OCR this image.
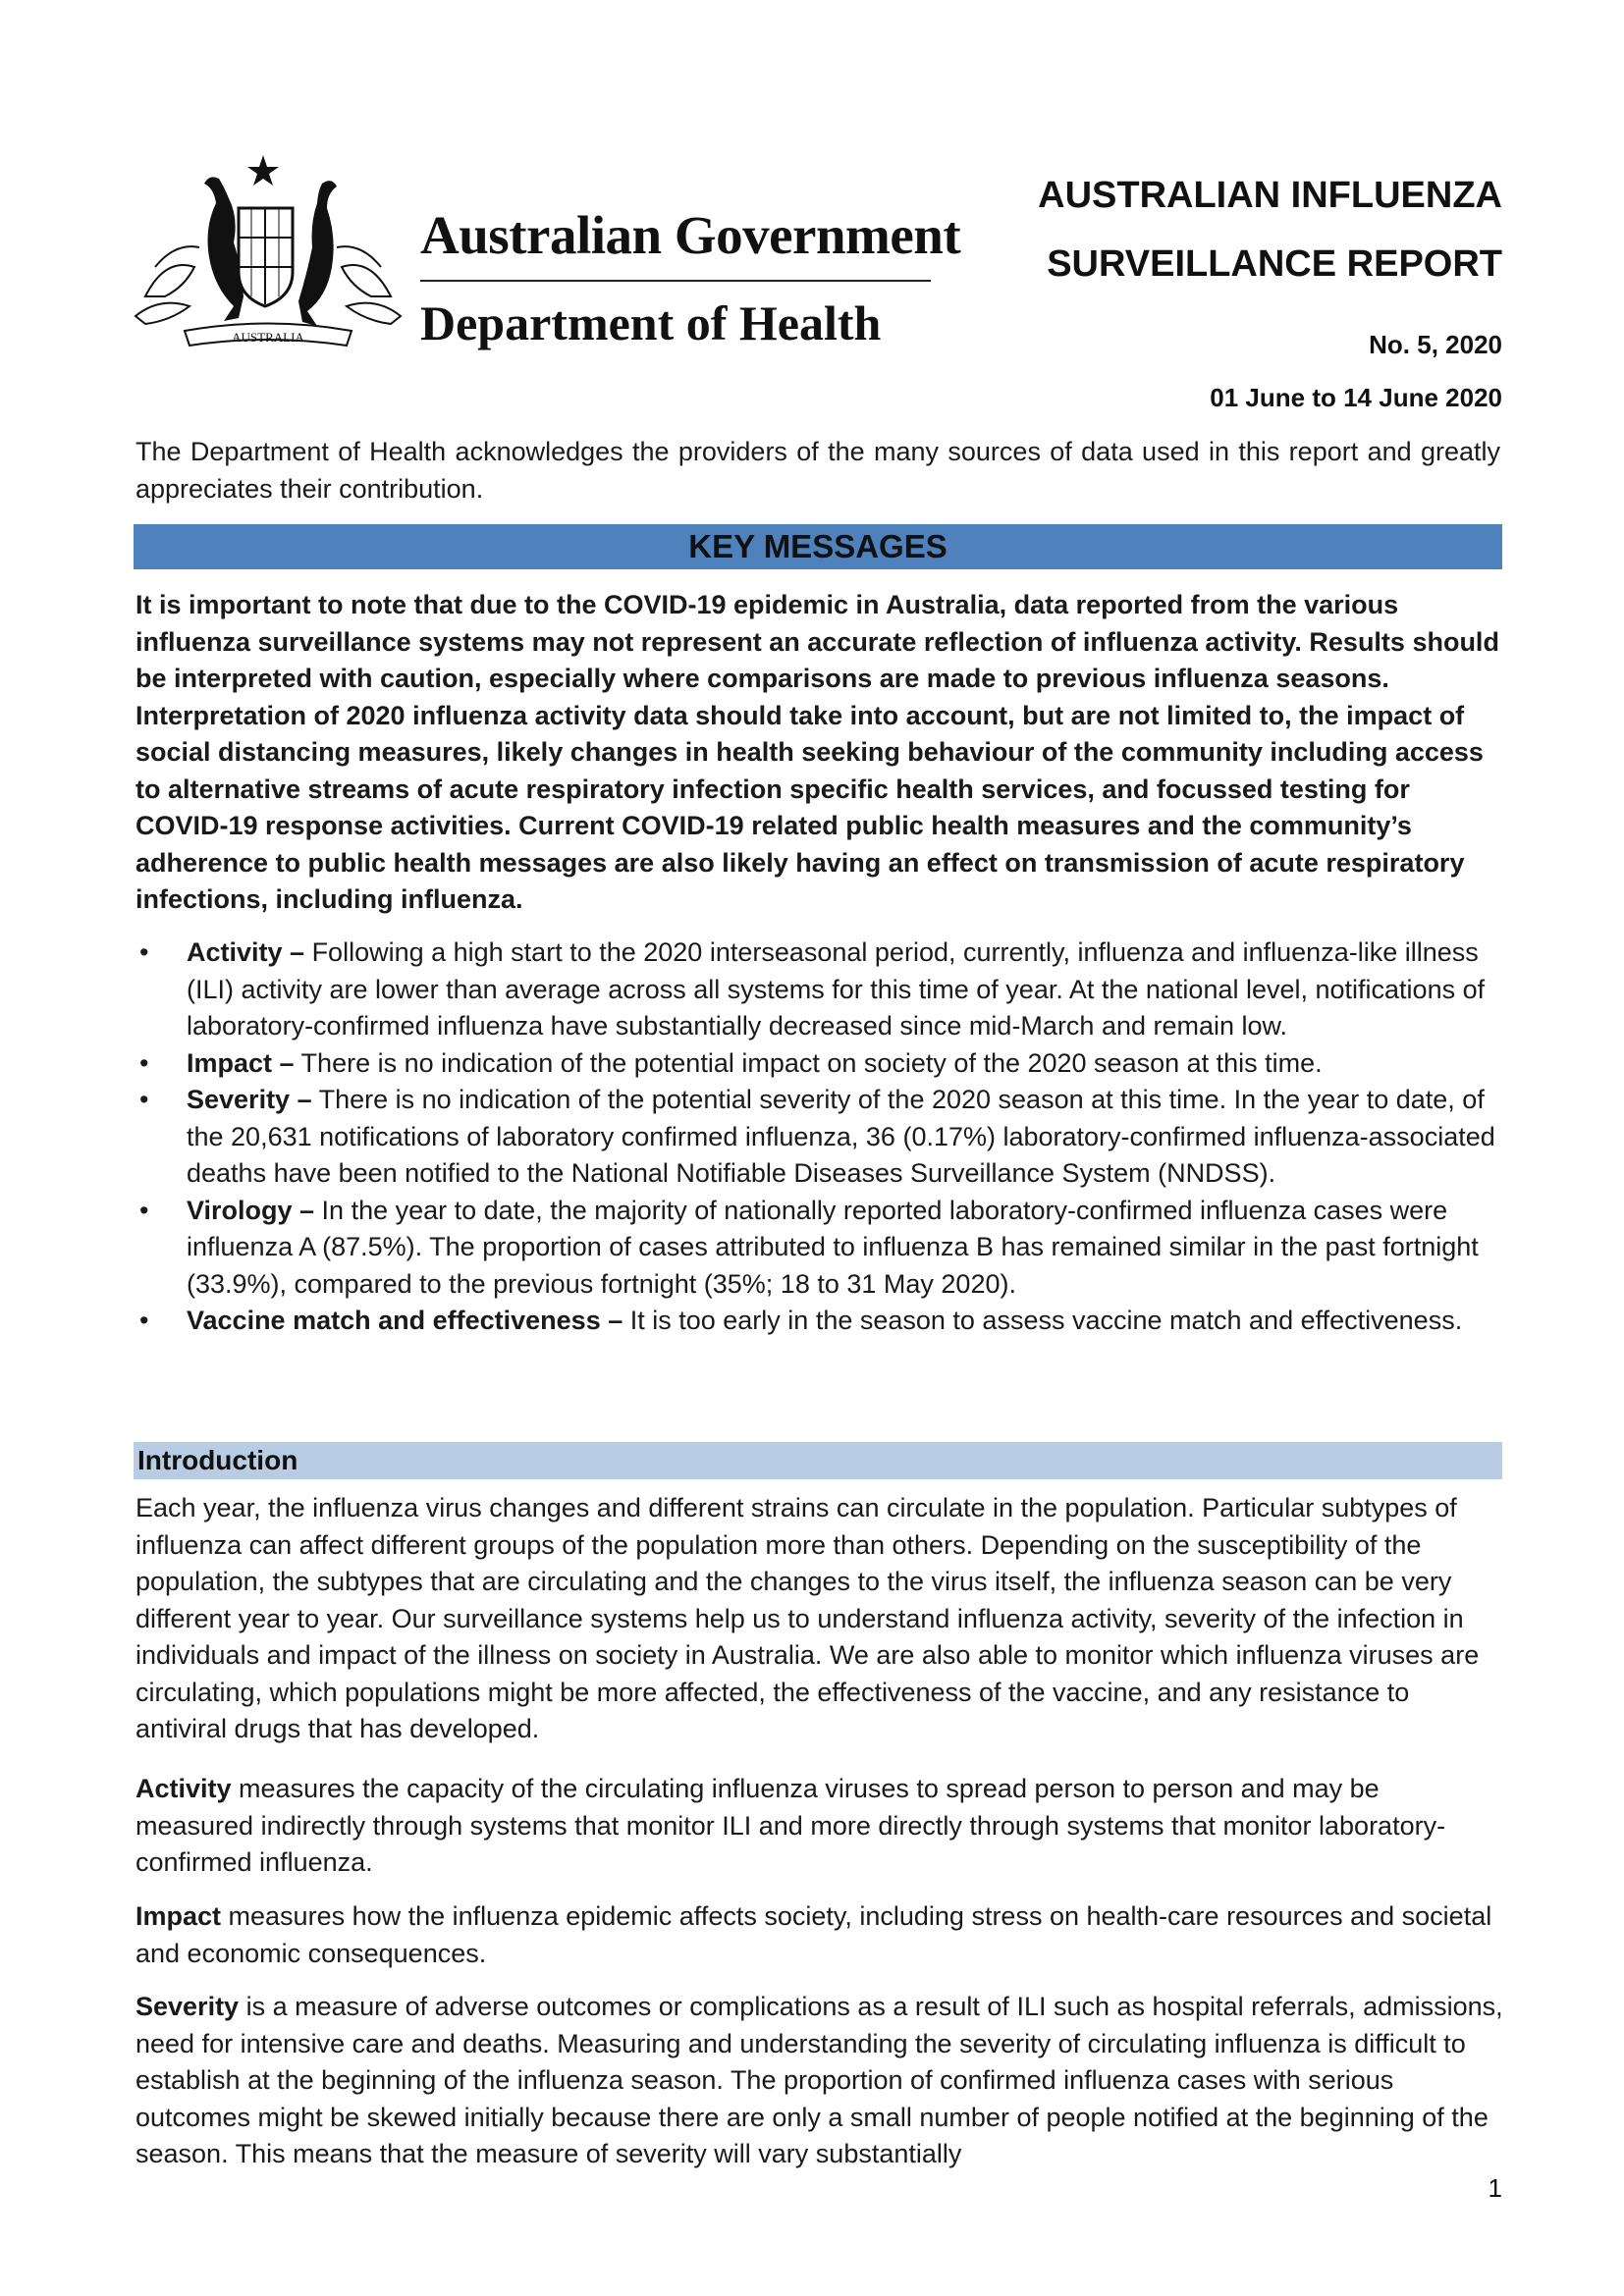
AUSTRALIA
Australian Government
Department of Health
AUSTRALIAN INFLUENZA
SURVEILLANCE REPORT
No. 5, 2020
01 June to 14 June 2020
The Department of Health acknowledges the providers of the many sources of data used in this report and greatly appreciates their contribution.
KEY MESSAGES
It is important to note that due to the COVID-19 epidemic in Australia, data reported from the various influenza surveillance systems may not represent an accurate reflection of influenza activity. Results should be interpreted with caution, especially where comparisons are made to previous influenza seasons. Interpretation of 2020 influenza activity data should take into account, but are not limited to, the impact of social distancing measures, likely changes in health seeking behaviour of the community including access to alternative streams of acute respiratory infection specific health services, and focussed testing for COVID-19 response activities. Current COVID-19 related public health measures and the community’s adherence to public health messages are also likely having an effect on transmission of acute respiratory infections, including influenza.
• Activity – Following a high start to the 2020 interseasonal period, currently, influenza and influenza-like illness (ILI) activity are lower than average across all systems for this time of year. At the national level, notifications of laboratory-confirmed influenza have substantially decreased since mid-March and remain low.
• Impact – There is no indication of the potential impact on society of the 2020 season at this time.
• Severity – There is no indication of the potential severity of the 2020 season at this time. In the year to date, of the 20,631 notifications of laboratory confirmed influenza, 36 (0.17%) laboratory-confirmed influenza-associated deaths have been notified to the National Notifiable Diseases Surveillance System (NNDSS).
• Virology – In the year to date, the majority of nationally reported laboratory-confirmed influenza cases were influenza A (87.5%). The proportion of cases attributed to influenza B has remained similar in the past fortnight (33.9%), compared to the previous fortnight (35%; 18 to 31 May 2020).
• Vaccine match and effectiveness – It is too early in the season to assess vaccine match and effectiveness.
Introduction
Each year, the influenza virus changes and different strains can circulate in the population. Particular subtypes of influenza can affect different groups of the population more than others. Depending on the susceptibility of the population, the subtypes that are circulating and the changes to the virus itself, the influenza season can be very different year to year. Our surveillance systems help us to understand influenza activity, severity of the infection in individuals and impact of the illness on society in Australia. We are also able to monitor which influenza viruses are circulating, which populations might be more affected, the effectiveness of the vaccine, and any resistance to antiviral drugs that has developed.
Activity measures the capacity of the circulating influenza viruses to spread person to person and may be measured indirectly through systems that monitor ILI and more directly through systems that monitor laboratory-confirmed influenza.
Impact measures how the influenza epidemic affects society, including stress on health-care resources and societal and economic consequences.
Severity is a measure of adverse outcomes or complications as a result of ILI such as hospital referrals, admissions, need for intensive care and deaths. Measuring and understanding the severity of circulating influenza is difficult to establish at the beginning of the influenza season. The proportion of confirmed influenza cases with serious outcomes might be skewed initially because there are only a small number of people notified at the beginning of the season. This means that the measure of severity will vary substantially
1
